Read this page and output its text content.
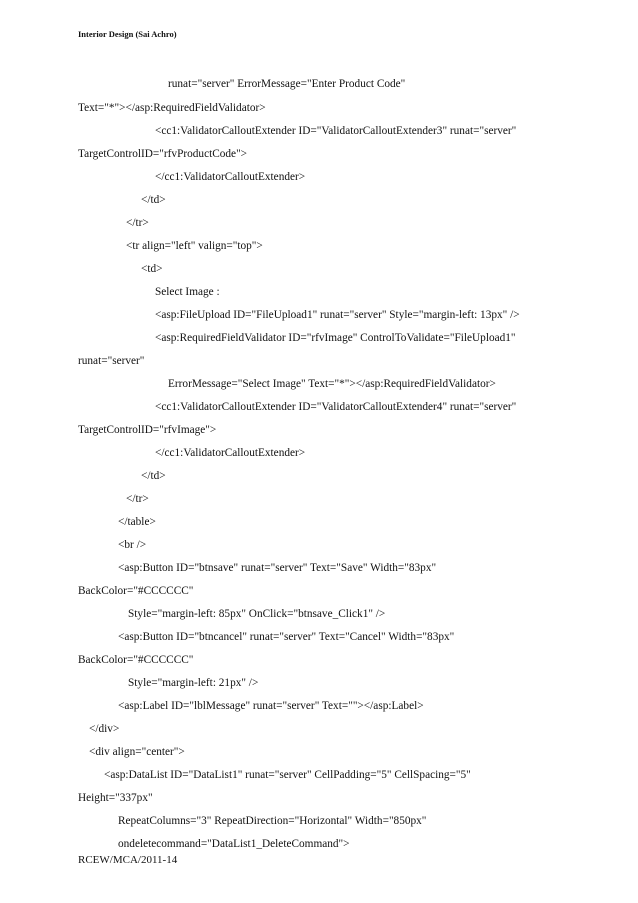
Interior Design (Sai Achro)
runat="server" ErrorMessage="Enter Product Code"
Text="*"></asp:RequiredFieldValidator>
<cc1:ValidatorCalloutExtender ID="ValidatorCalloutExtender3" runat="server"
TargetControlID="rfvProductCode">
</cc1:ValidatorCalloutExtender>
</td>
</tr>
<tr align="left" valign="top">
<td>
Select Image :
<asp:FileUpload ID="FileUpload1" runat="server" Style="margin-left: 13px" />
<asp:RequiredFieldValidator ID="rfvImage" ControlToValidate="FileUpload1"
runat="server"
ErrorMessage="Select Image" Text="*"></asp:RequiredFieldValidator>
<cc1:ValidatorCalloutExtender ID="ValidatorCalloutExtender4" runat="server"
TargetControlID="rfvImage">
</cc1:ValidatorCalloutExtender>
</td>
</tr>
</table>
<br />
<asp:Button ID="btnsave" runat="server" Text="Save" Width="83px"
BackColor="#CCCCCC"
Style="margin-left: 85px" OnClick="btnsave_Click1" />
<asp:Button ID="btncancel" runat="server" Text="Cancel" Width="83px"
BackColor="#CCCCCC"
Style="margin-left: 21px" />
<asp:Label ID="lblMessage" runat="server" Text=""></asp:Label>
</div>
<div align="center">
<asp:DataList ID="DataList1" runat="server" CellPadding="5" CellSpacing="5"
Height="337px"
RepeatColumns="3" RepeatDirection="Horizontal" Width="850px"
ondeletecommand="DataList1_DeleteCommand">
RCEW/MCA/2011-14
